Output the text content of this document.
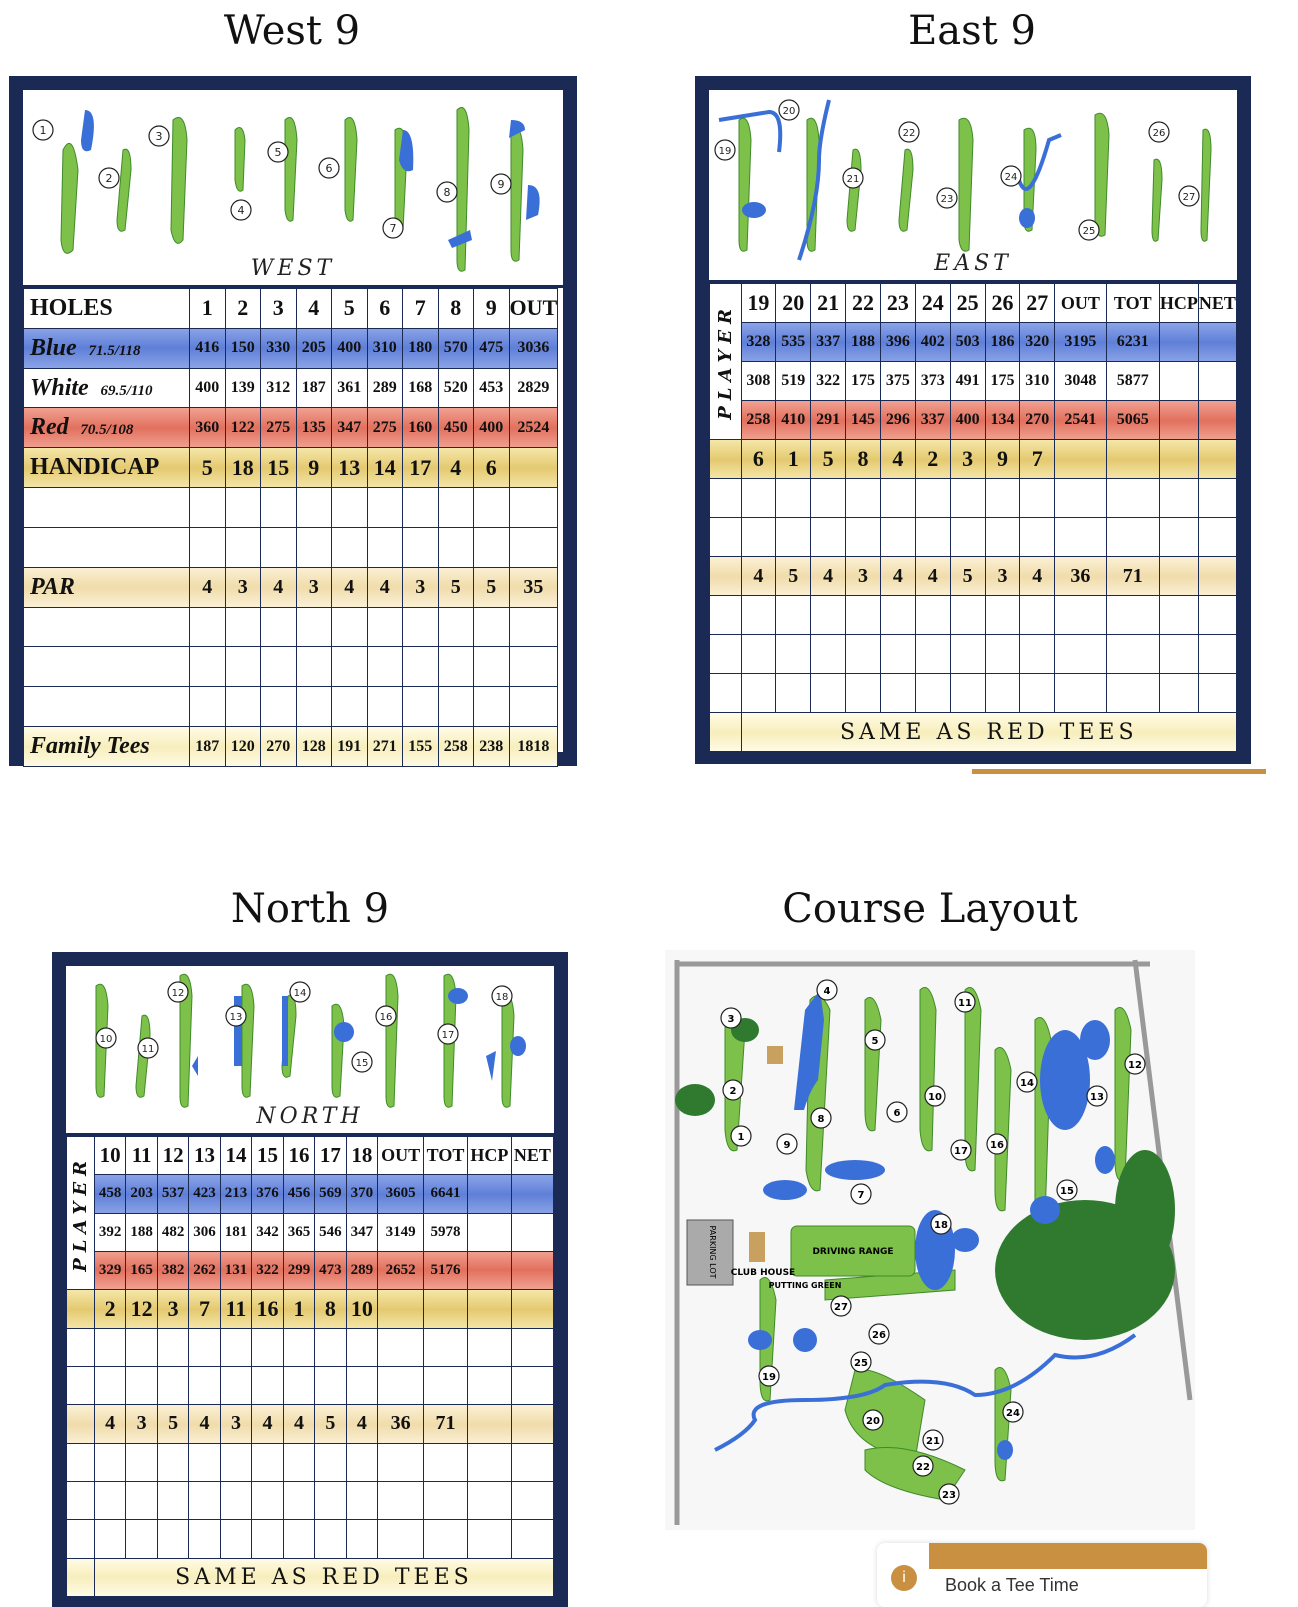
West 9	East 9
North 9	Course Layout
1
2
3
4
5
6
7
8
9
WEST
HOLES	1	2	3	4	5	6	7	8	9	OUT
Blue 71.5/118	416	150	330	205	400	310	180	570	475	3036
White 69.5/110	400	139	312	187	361	289	168	520	453	2829
Red 70.5/108	360	122	275	135	347	275	160	450	400	2524
HANDICAP	5	18	15	9	13	14	17	4	6	

PAR	4	3	4	3	4	4	3	5	5	35

Family Tees	187	120	270	128	191	271	155	258	238	1818
19
20
21
22
23
24
25
26
27
EAST
PLAYER	19	20	21	22	23	24	25	26	27	OUT	TOT	HCP	NET
	328	535	337	188	396	402	503	186	320	3195	6231		
	308	519	322	175	375	373	491	175	310	3048	5877		
	258	410	291	145	296	337	400	134	270	2541	5065		
	6	1	5	8	4	2	3	9	7				

	4	5	4	3	4	4	5	3	4	36	71		

	SAME AS RED TEES												
10
11
12
13
14
15
16
17
18
NORTH
PLAYER	10	11	12	13	14	15	16	17	18	OUT	TOT	HCP	NET
	458	203	537	423	213	376	456	569	370	3605	6641		
	392	188	482	306	181	342	365	546	347	3149	5978		
	329	165	382	262	131	322	299	473	289	2652	5176		
	2	12	3	7	11	16	1	8	10				

	4	3	5	4	3	4	4	5	4	36	71		

	SAME AS RED TEES												
PARKING LOT	DRIVING RANGE
CLUB HOUSE
PUTTING GREEN
1
2
3
4
5
6
7
8
9
10
11
12
13
14
15
16
17
18
19
20
21
22
23
24
25
26
27
i	Book a Tee Time
